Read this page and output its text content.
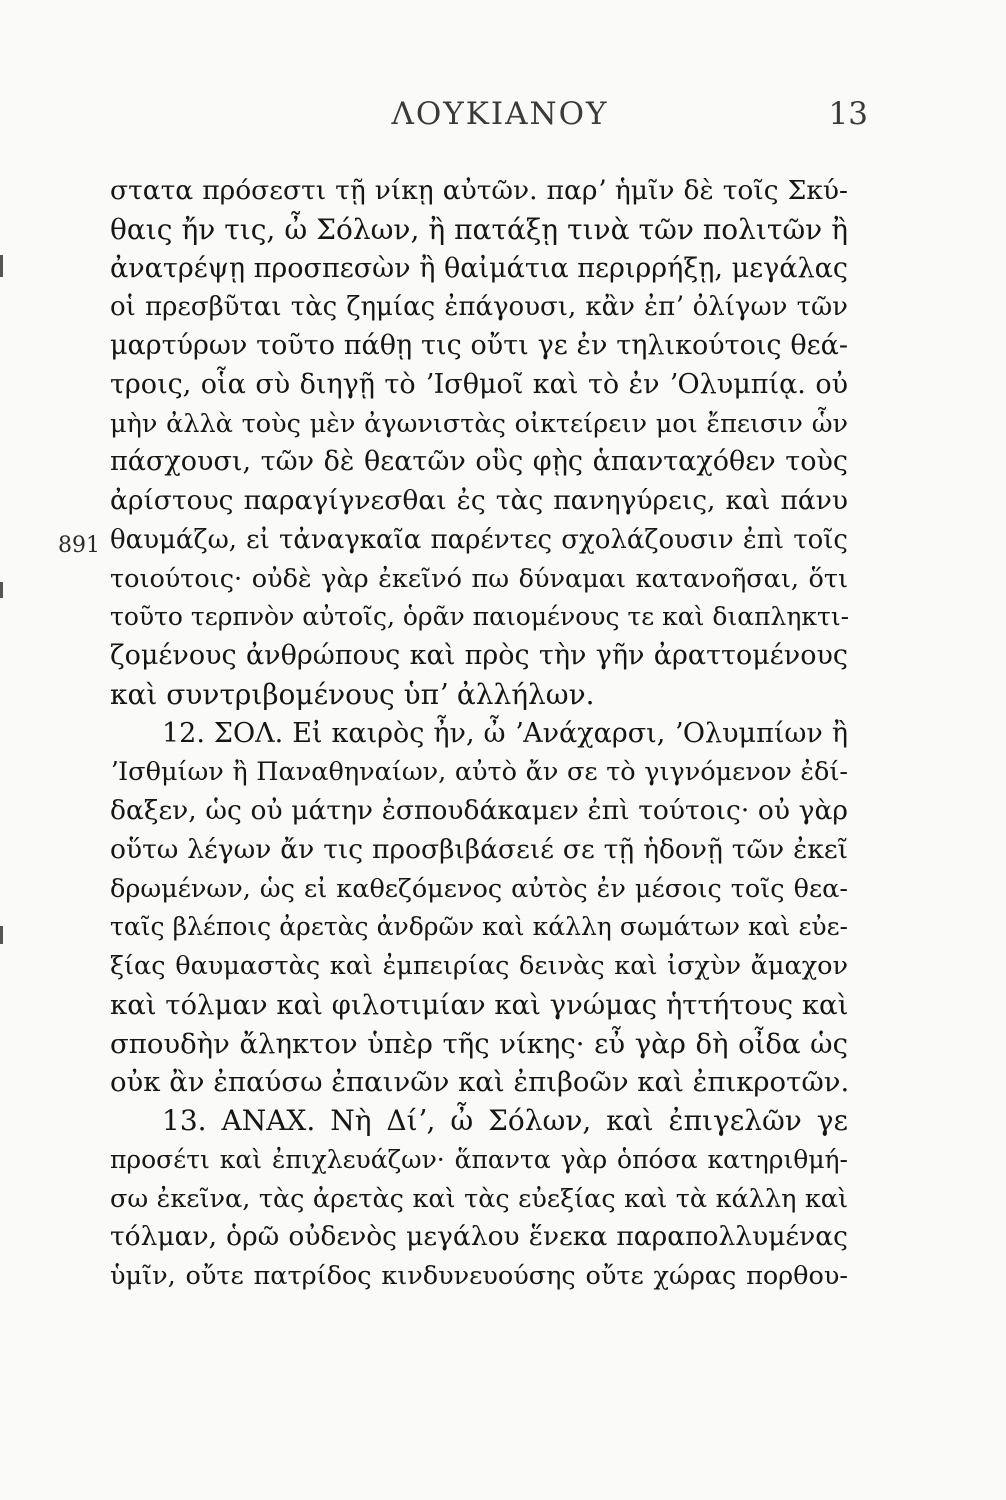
ΛΟΥΚΙΑΝΟΥ	13
891
στατα πρόσεστι τῇ νίκῃ αὐτῶν. παρʼ ἡμῖν δὲ τοῖς Σκύ-
θαις ἤν τις, ὦ Σόλων, ἢ πατάξῃ τινὰ τῶν πολιτῶν ἢ
ἀνατρέψῃ προσπεσὼν ἢ θαἰμάτια περιρρήξῃ, μεγάλας
οἱ πρεσβῦται τὰς ζημίας ἐπάγουσι, κἂν ἐπʼ ὀλίγων τῶν
μαρτύρων τοῦτο πάθῃ τις οὔτι γε ἐν τηλικούτοις θεά-
τροις, οἷα σὺ διηγῇ τὸ ʼΙσθμοῖ καὶ τὸ ἐν ʼΟλυμπίᾳ. οὐ
μὴν ἀλλὰ τοὺς μὲν ἀγωνιστὰς οἰκτείρειν μοι ἔπεισιν ὧν
πάσχουσι, τῶν δὲ θεατῶν οὓς φῂς ἁπανταχόθεν τοὺς
ἀρίστους παραγίγνεσθαι ἐς τὰς πανηγύρεις, καὶ πάνυ
θαυμάζω, εἰ τἀναγκαῖα παρέντες σχολάζουσιν ἐπὶ τοῖς
τοιούτοις· οὐδὲ γὰρ ἐκεῖνό πω δύναμαι κατανοῆσαι, ὅτι
τοῦτο τερπνὸν αὐτοῖς, ὁρᾶν παιομένους τε καὶ διαπληκτι-
ζομένους ἀνθρώπους καὶ πρὸς τὴν γῆν ἀραττομένους
καὶ συντριβομένους ὑπʼ ἀλλήλων.
12. ΣΟΛ. Εἰ καιρὸς ἦν, ὦ ʼΑνάχαρσι, ʼΟλυμπίων ἢ
ʼΙσθμίων ἢ Παναθηναίων, αὐτὸ ἄν σε τὸ γιγνόμενον ἐδί-
δαξεν, ὡς οὐ μάτην ἐσπουδάκαμεν ἐπὶ τούτοις· οὐ γὰρ
οὕτω λέγων ἄν τις προσβιβάσειέ σε τῇ ἡδονῇ τῶν ἐκεῖ
δρωμένων, ὡς εἰ καθεζόμενος αὐτὸς ἐν μέσοις τοῖς θεα-
ταῖς βλέποις ἀρετὰς ἀνδρῶν καὶ κάλλη σωμάτων καὶ εὐε-
ξίας θαυμαστὰς καὶ ἐμπειρίας δεινὰς καὶ ἰσχὺν ἄμαχον
καὶ τόλμαν καὶ φιλοτιμίαν καὶ γνώμας ἡττήτους καὶ
σπουδὴν ἄληκτον ὑπὲρ τῆς νίκης· εὖ γὰρ δὴ οἶδα ὡς
οὐκ ἂν ἐπαύσω ἐπαινῶν καὶ ἐπιβοῶν καὶ ἐπικροτῶν.
13. ΑΝΑΧ. Νὴ Δίʼ, ὦ Σόλων, καὶ ἐπιγελῶν γε
προσέτι καὶ ἐπιχλευάζων· ἅπαντα γὰρ ὁπόσα κατηριθμή-
σω ἐκεῖνα, τὰς ἀρετὰς καὶ τὰς εὐεξίας καὶ τὰ κάλλη καὶ
τόλμαν, ὁρῶ οὐδενὸς μεγάλου ἕνεκα παραπολλυμένας
ὑμῖν, οὔτε πατρίδος κινδυνευούσης οὔτε χώρας πορθου-
